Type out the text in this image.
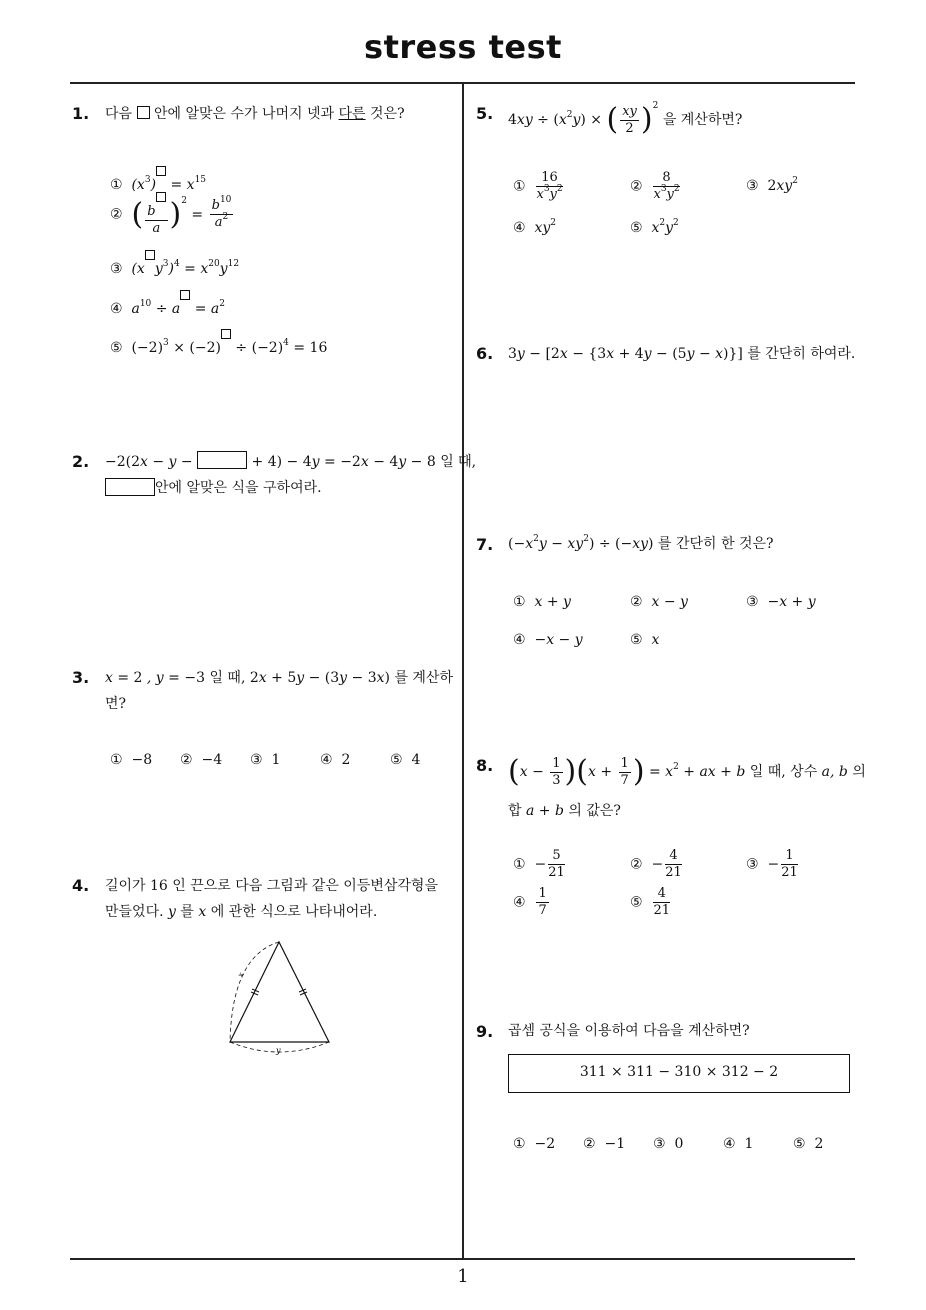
stress test
1
1. 다음 안에 알맞은 수가 나머지 넷과 다른 것은?
① $(x^3) = x^{15}$
② ( $\frac{b}{a} )^2 = \frac{b^{10}}{a^2}$
③ (x $y^3)^4 = x^{20}y^{12}$
④ $a^{10} \div a = a^2$
⑤ $(-2)^3 \times (-2) \div (-2)^4 = 16$
2. −2(2x − y −	+ 4) − 4y = −2x − 4y − 8 일 때,
안에 알맞은 식을 구하여라.
3. x = 2 , y = −3 일 때, 2x + 5y − (3y − 3x) 를 계산하
면?
① −8 ② −4 ③ 1	④ 2	⑤ 4
4. 길이가 16 인 끈으로 다음 그림과 같은 이등변삼각형을
만들었다. y 를 x 에 관한 식으로 나타내어라.
x
y
5. $4xy \div (x^2y)$ × ( $\frac{xy}{2} )^2$ 을 계산하면?
① $\frac{16}{x^3y^2}$	② $\frac{8}{x^3y^2}$	③ $2xy^2$
④ $xy^2$	⑤ $x^2y^2$
6. 3y − [2x − {3x + 4y − (5y − x)}] 를 간단히 하여라.
7. $(-x^2y - xy^2) \div (-xy)$ 를 간단히 한 것은?
① x + y	② x − y	③ −x + y
④ −x − y	⑤ x
8. $(x - \frac{1}{3} )(x + \frac{1}{7}$ ) = $x^2$ + ax + b 일 때, 상수 a, b 의
합 a + b 의 값은?
①  − $\frac{5}{21}$	②  − $\frac{4}{21}$	③  − $\frac{1}{21}$
④ $\frac{1}{7}$	⑤ $\frac{4}{21}$
9. 곱셈 공식을 이용하여 다음을 계산하면?
311 × 311 − 310 × 312 − 2
① −2 ② −1 ③ 0	④ 1	⑤ 2
